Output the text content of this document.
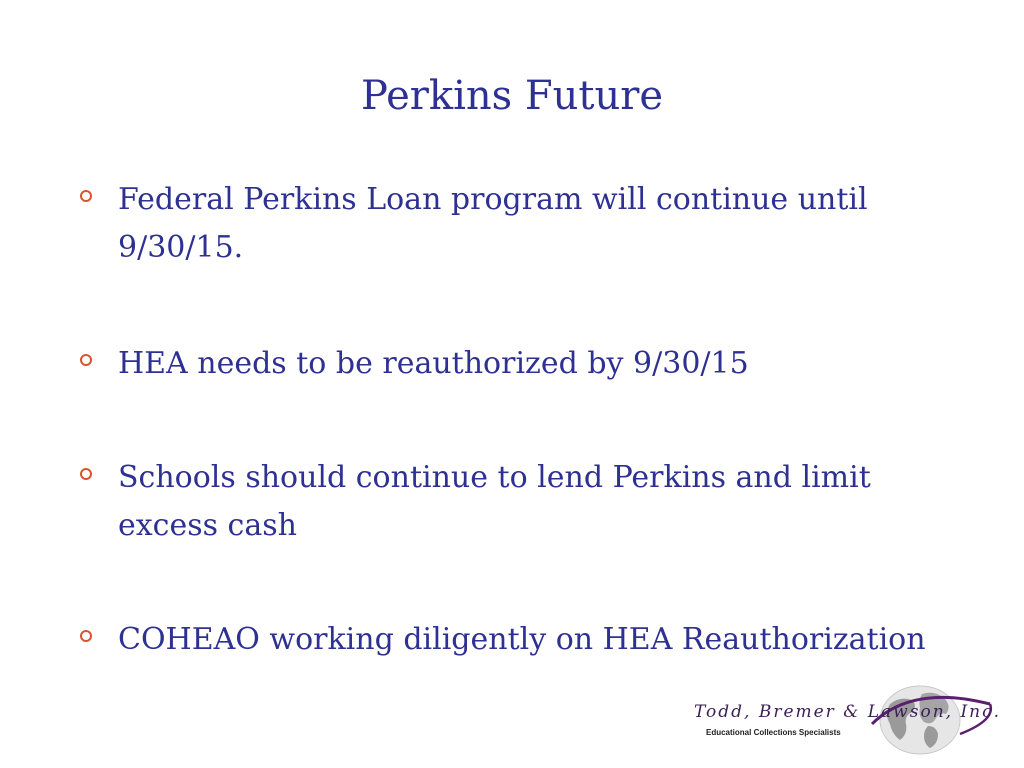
Perkins Future
Federal Perkins Loan program will continue until 9/30/15.
HEA needs to be reauthorized by 9/30/15
Schools should continue to lend Perkins and limit excess cash
COHEAO working diligently on HEA Reauthorization
Todd, Bremer & Lawson, Inc.
Educational Collections Specialists
